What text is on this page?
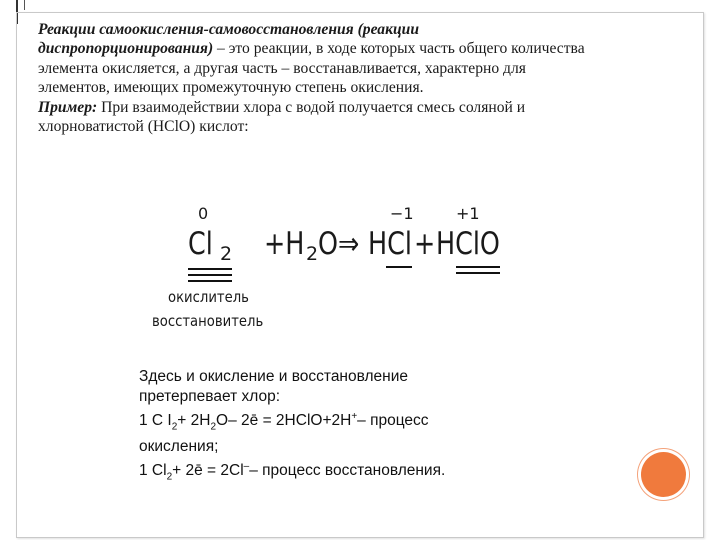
Реакции самоокисления-самовосстановления (реакции диспропорционирования) – это реакции, в ходе которых часть общего количества элемента окисляется, а другая часть – восстанавливается, характерно для элементов, имеющих промежуточную степень окисления.
Пример: При взаимодействии хлора с водой получается смесь соляной и хлорноватистой (HClO) кислот:
0	−1	+1
Cl 2 +H 2 O⇒ HCl + HClO
окислитель
восстановитель
Здесь и окисление и восстановление
претерпевает хлор:
1 С $I_2+ 2H_2O-$ 2ē = 2HClO+2H+– процесс
окисления;
1 $Cl_2+$ 2ē = 2Cl–– процесс восстановления.
